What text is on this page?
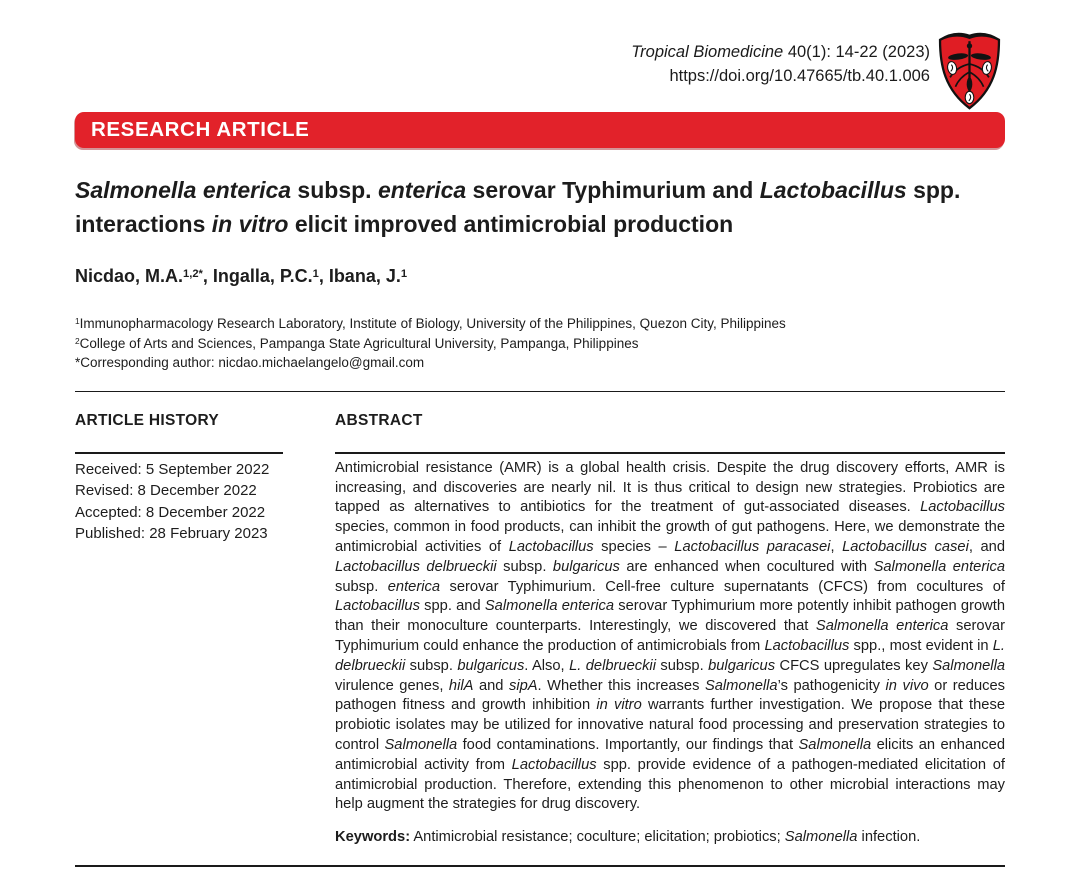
Tropical Biomedicine 40(1): 14-22 (2023)
https://doi.org/10.47665/tb.40.1.006
RESEARCH ARTICLE
Salmonella enterica subsp. enterica serovar Typhimurium and Lactobacillus spp. interactions in vitro elicit improved antimicrobial production
Nicdao, M.A.$^{1,2*}$, Ingalla, P.C.$^1$, Ibana, J.$^1$
$^1$Immunopharmacology Research Laboratory, Institute of Biology, University of the Philippines, Quezon City, Philippines
$^2$College of Arts and Sciences, Pampanga State Agricultural University, Pampanga, Philippines
*Corresponding author: nicdao.michaelangelo@gmail.com
ARTICLE HISTORY
Received: 5 September 2022
Revised: 8 December 2022
Accepted: 8 December 2022
Published: 28 February 2023
ABSTRACT

Antimicrobial resistance (AMR) is a global health crisis. Despite the drug discovery efforts, AMR is increasing, and discoveries are nearly nil. It is thus critical to design new strategies. Probiotics are tapped as alternatives to antibiotics for the treatment of gut-associated diseases. Lactobacillus species, common in food products, can inhibit the growth of gut pathogens. Here, we demonstrate the antimicrobial activities of Lactobacillus species – Lactobacillus paracasei, Lactobacillus casei, and Lactobacillus delbrueckii subsp. bulgaricus are enhanced when cocultured with Salmonella enterica subsp. enterica serovar Typhimurium. Cell-free culture supernatants (CFCS) from cocultures of Lactobacillus spp. and Salmonella enterica serovar Typhimurium more potently inhibit pathogen growth than their monoculture counterparts. Interestingly, we discovered that Salmonella enterica serovar Typhimurium could enhance the production of antimicrobials from Lactobacillus spp., most evident in L. delbrueckii subsp. bulgaricus. Also, L. delbrueckii subsp. bulgaricus CFCS upregulates key Salmonella virulence genes, hilA and sipA. Whether this increases Salmonella’s pathogenicity in vivo or reduces pathogen fitness and growth inhibition in vitro warrants further investigation. We propose that these probiotic isolates may be utilized for innovative natural food processing and preservation strategies to control Salmonella food contaminations. Importantly, our findings that Salmonella elicits an enhanced antimicrobial activity from Lactobacillus spp. provide evidence of a pathogen-mediated elicitation of antimicrobial production. Therefore, extending this phenomenon to other microbial interactions may help augment the strategies for drug discovery.

Keywords: Antimicrobial resistance; coculture; elicitation; probiotics; Salmonella infection.
